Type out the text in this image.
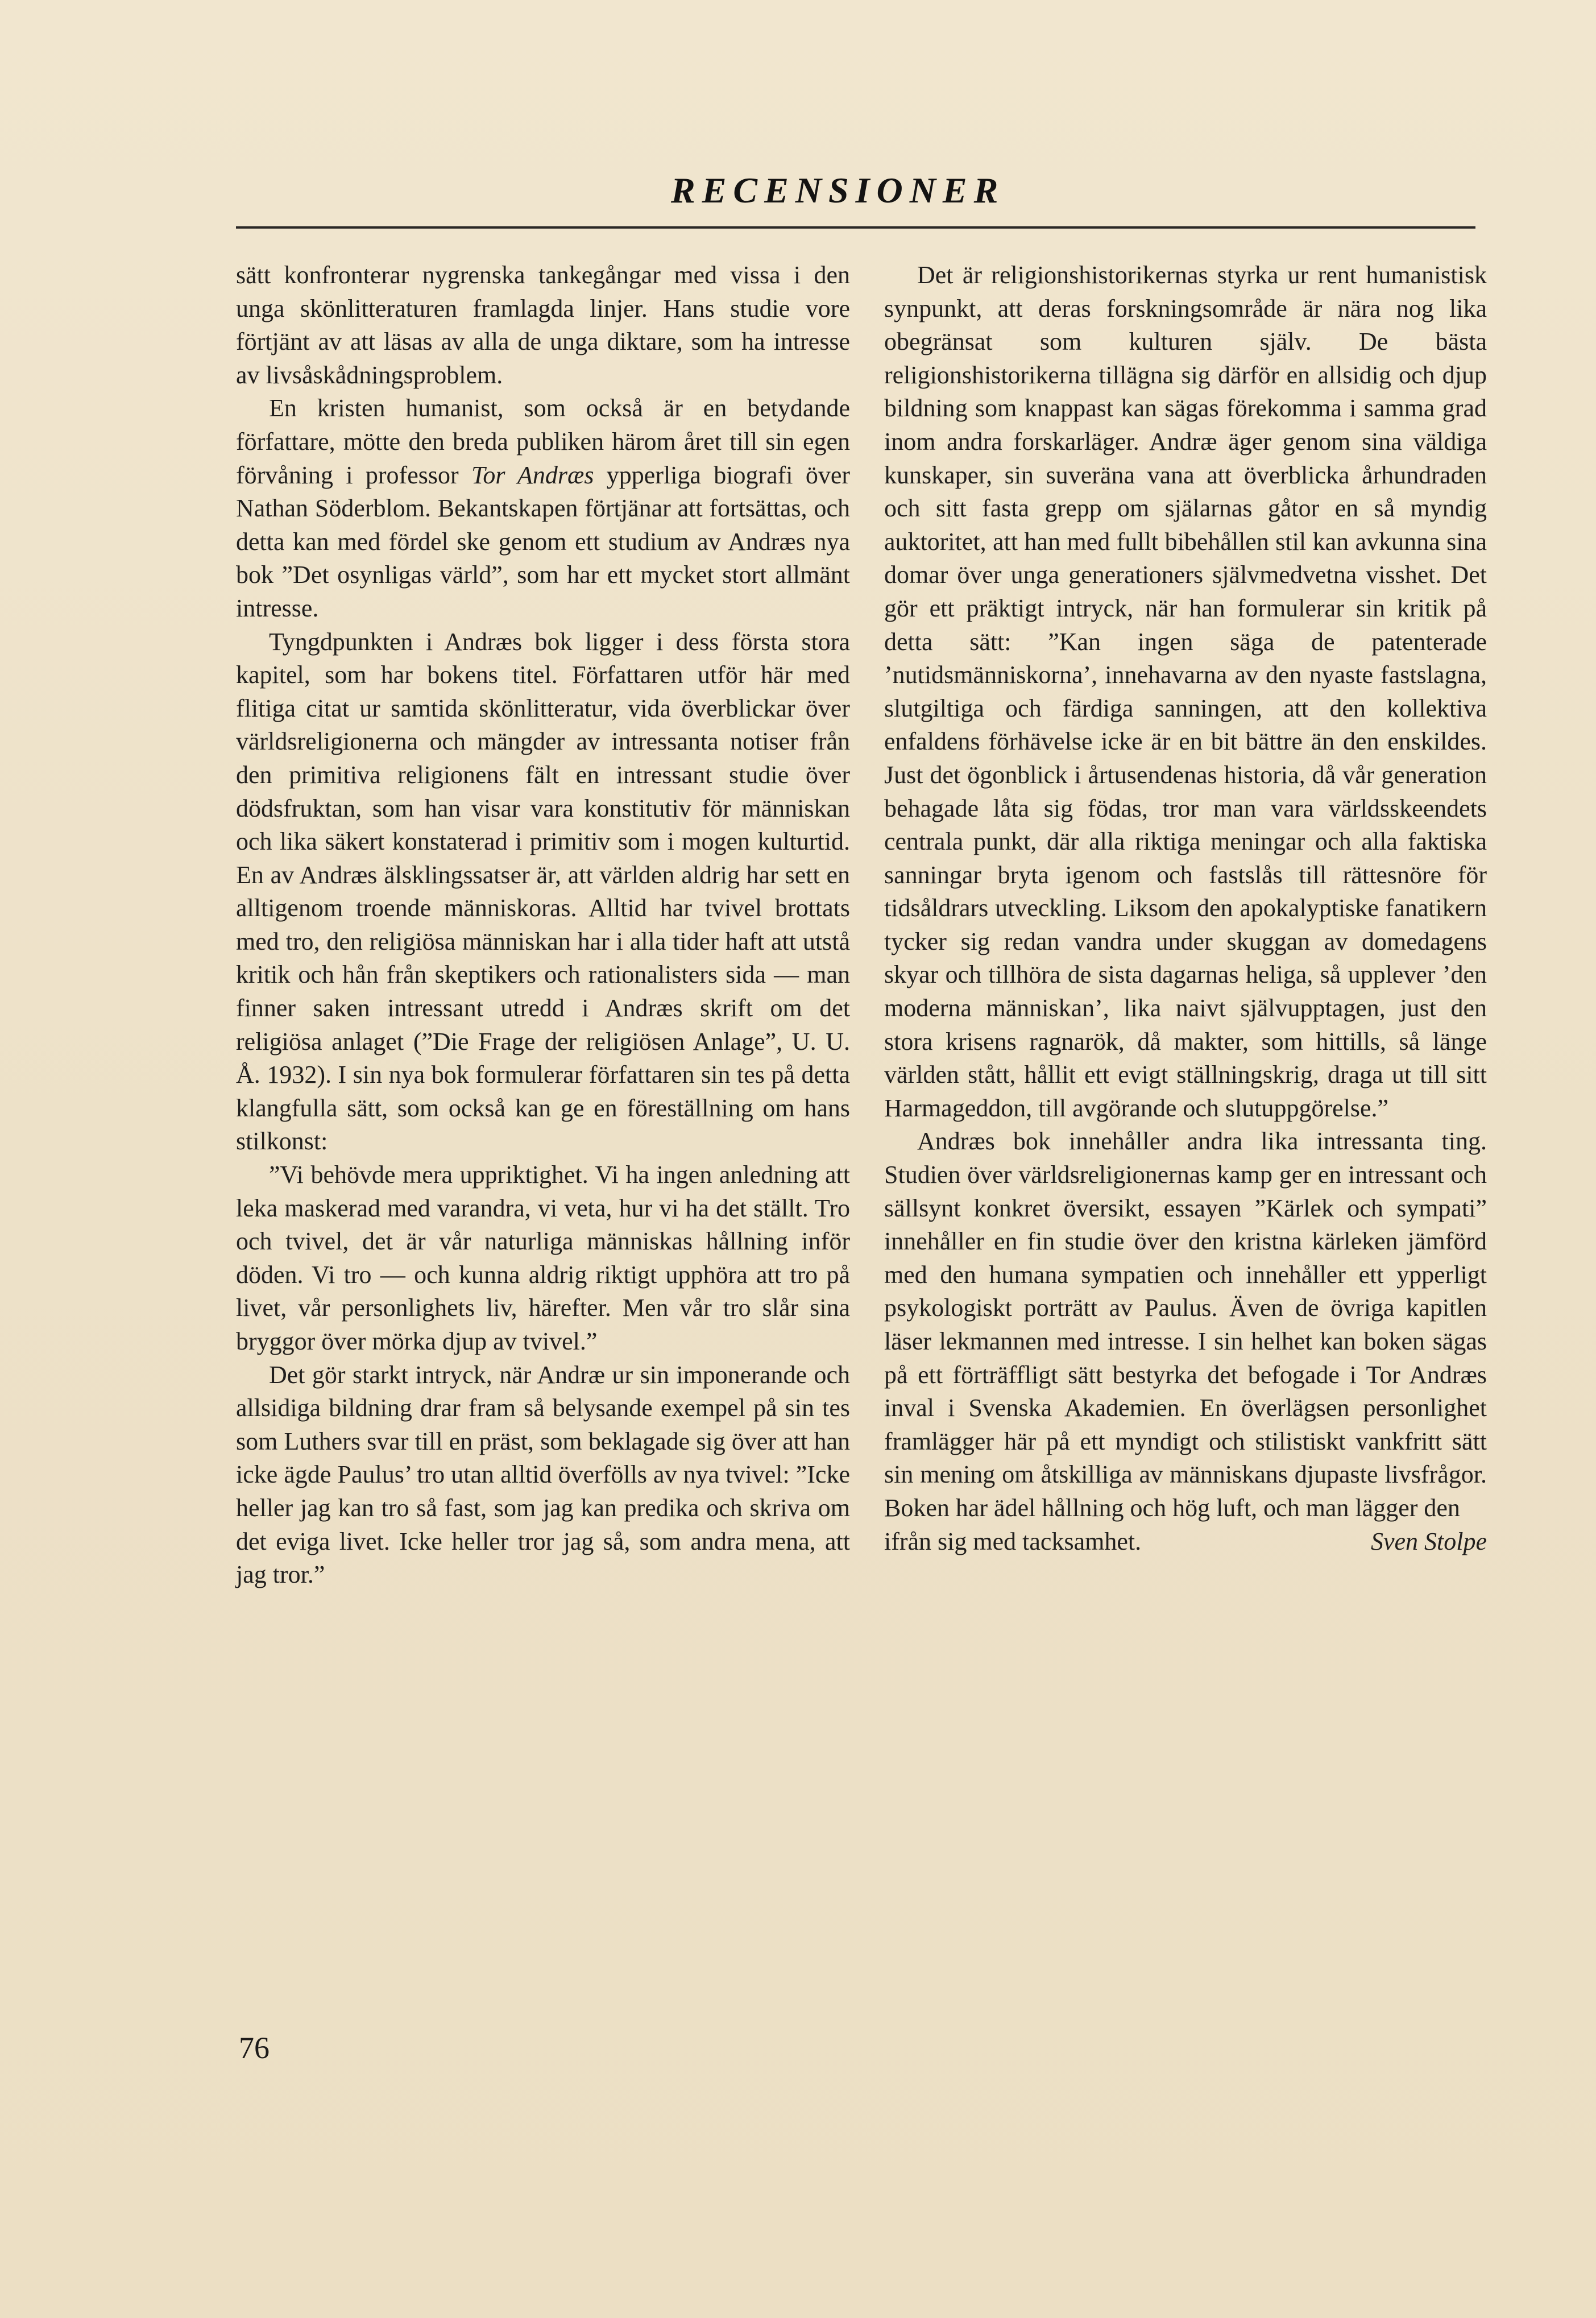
RECENSIONER

sätt konfronterar nygrenska tankegångar med vissa i den unga skönlitteraturen framlagda linjer. Hans studie vore förtjänt av att läsas av alla de unga diktare, som ha intresse av livsåskådningsproblem.

En kristen humanist, som också är en betydande författare, mötte den breda publiken härom året till sin egen förvåning i professor Tor Andræs ypperliga biografi över Nathan Söderblom. Bekantskapen förtjänar att fortsättas, och detta kan med fördel ske genom ett studium av Andræs nya bok ”Det osynligas värld”, som har ett mycket stort allmänt intresse.

Tyngdpunkten i Andræs bok ligger i dess första stora kapitel, som har bokens titel. Författaren utför här med flitiga citat ur samtida skönlitteratur, vida överblickar över världsreligionerna och mängder av intressanta notiser från den primitiva religionens fält en intressant studie över dödsfruktan, som han visar vara konstitutiv för människan och lika säkert konstaterad i primitiv som i mogen kulturtid. En av Andræs älsklingssatser är, att världen aldrig har sett en alltigenom troende människoras. Alltid har tvivel brottats med tro, den religiösa människan har i alla tider haft att utstå kritik och hån från skeptikers och rationalisters sida — man finner saken intressant utredd i Andræs skrift om det religiösa anlaget (”Die Frage der religiösen Anlage”, U. U. Å. 1932). I sin nya bok formulerar författaren sin tes på detta klangfulla sätt, som också kan ge en föreställning om hans stilkonst:

”Vi behövde mera uppriktighet. Vi ha ingen anledning att leka maskerad med varandra, vi veta, hur vi ha det ställt. Tro och tvivel, det är vår naturliga människas hållning inför döden. Vi tro — och kunna aldrig riktigt upphöra att tro på livet, vår personlighets liv, härefter. Men vår tro slår sina bryggor över mörka djup av tvivel.”

Det gör starkt intryck, när Andræ ur sin imponerande och allsidiga bildning drar fram så belysande exempel på sin tes som Luthers svar till en präst, som beklagade sig över att han icke ägde Paulus’ tro utan alltid överfölls av nya tvivel: ”Icke heller jag kan tro så fast, som jag kan predika och skriva om det eviga livet. Icke heller tror jag så, som andra mena, att jag tror.”

Det är religionshistorikernas styrka ur rent humanistisk synpunkt, att deras forskningsområde är nära nog lika obegränsat som kulturen själv. De bästa religionshistorikerna tillägna sig därför en allsidig och djup bildning som knappast kan sägas förekomma i samma grad inom andra forskarläger. Andræ äger genom sina väldiga kunskaper, sin suveräna vana att överblicka århundraden och sitt fasta grepp om själarnas gåtor en så myndig auktoritet, att han med fullt bibehållen stil kan avkunna sina domar över unga generationers självmedvetna visshet. Det gör ett präktigt intryck, när han formulerar sin kritik på detta sätt: ”Kan ingen säga de patenterade ’nutidsmänniskorna’, innehavarna av den nyaste fastslagna, slutgiltiga och färdiga sanningen, att den kollektiva enfaldens förhävelse icke är en bit bättre än den enskildes. Just det ögonblick i årtusendenas historia, då vår generation behagade låta sig födas, tror man vara världsskeendets centrala punkt, där alla riktiga meningar och alla faktiska sanningar bryta igenom och fastslås till rättesnöre för tidsåldrars utveckling. Liksom den apokalyptiske fanatikern tycker sig redan vandra under skuggan av domedagens skyar och tillhöra de sista dagarnas heliga, så upplever ’den moderna människan’, lika naivt självupptagen, just den stora krisens ragnarök, då makter, som hittills, så länge världen stått, hållit ett evigt ställningskrig, draga ut till sitt Harmageddon, till avgörande och slutuppgörelse.”

Andræs bok innehåller andra lika intressanta ting. Studien över världsreligionernas kamp ger en intressant och sällsynt konkret översikt, essayen ”Kärlek och sympati” innehåller en fin studie över den kristna kärleken jämförd med den humana sympatien och innehåller ett ypperligt psykologiskt porträtt av Paulus. Även de övriga kapitlen läser lekmannen med intresse. I sin helhet kan boken sägas på ett förträffligt sätt bestyrka det befogade i Tor Andræs inval i Svenska Akademien. En överlägsen personlighet framlägger här på ett myndigt och stilistiskt vankfritt sätt sin mening om åtskilliga av människans djupaste livsfrågor. Boken har ädel hållning och hög luft, och man lägger den

ifrån sig med tacksamhet.	Sven Stolpe
76
